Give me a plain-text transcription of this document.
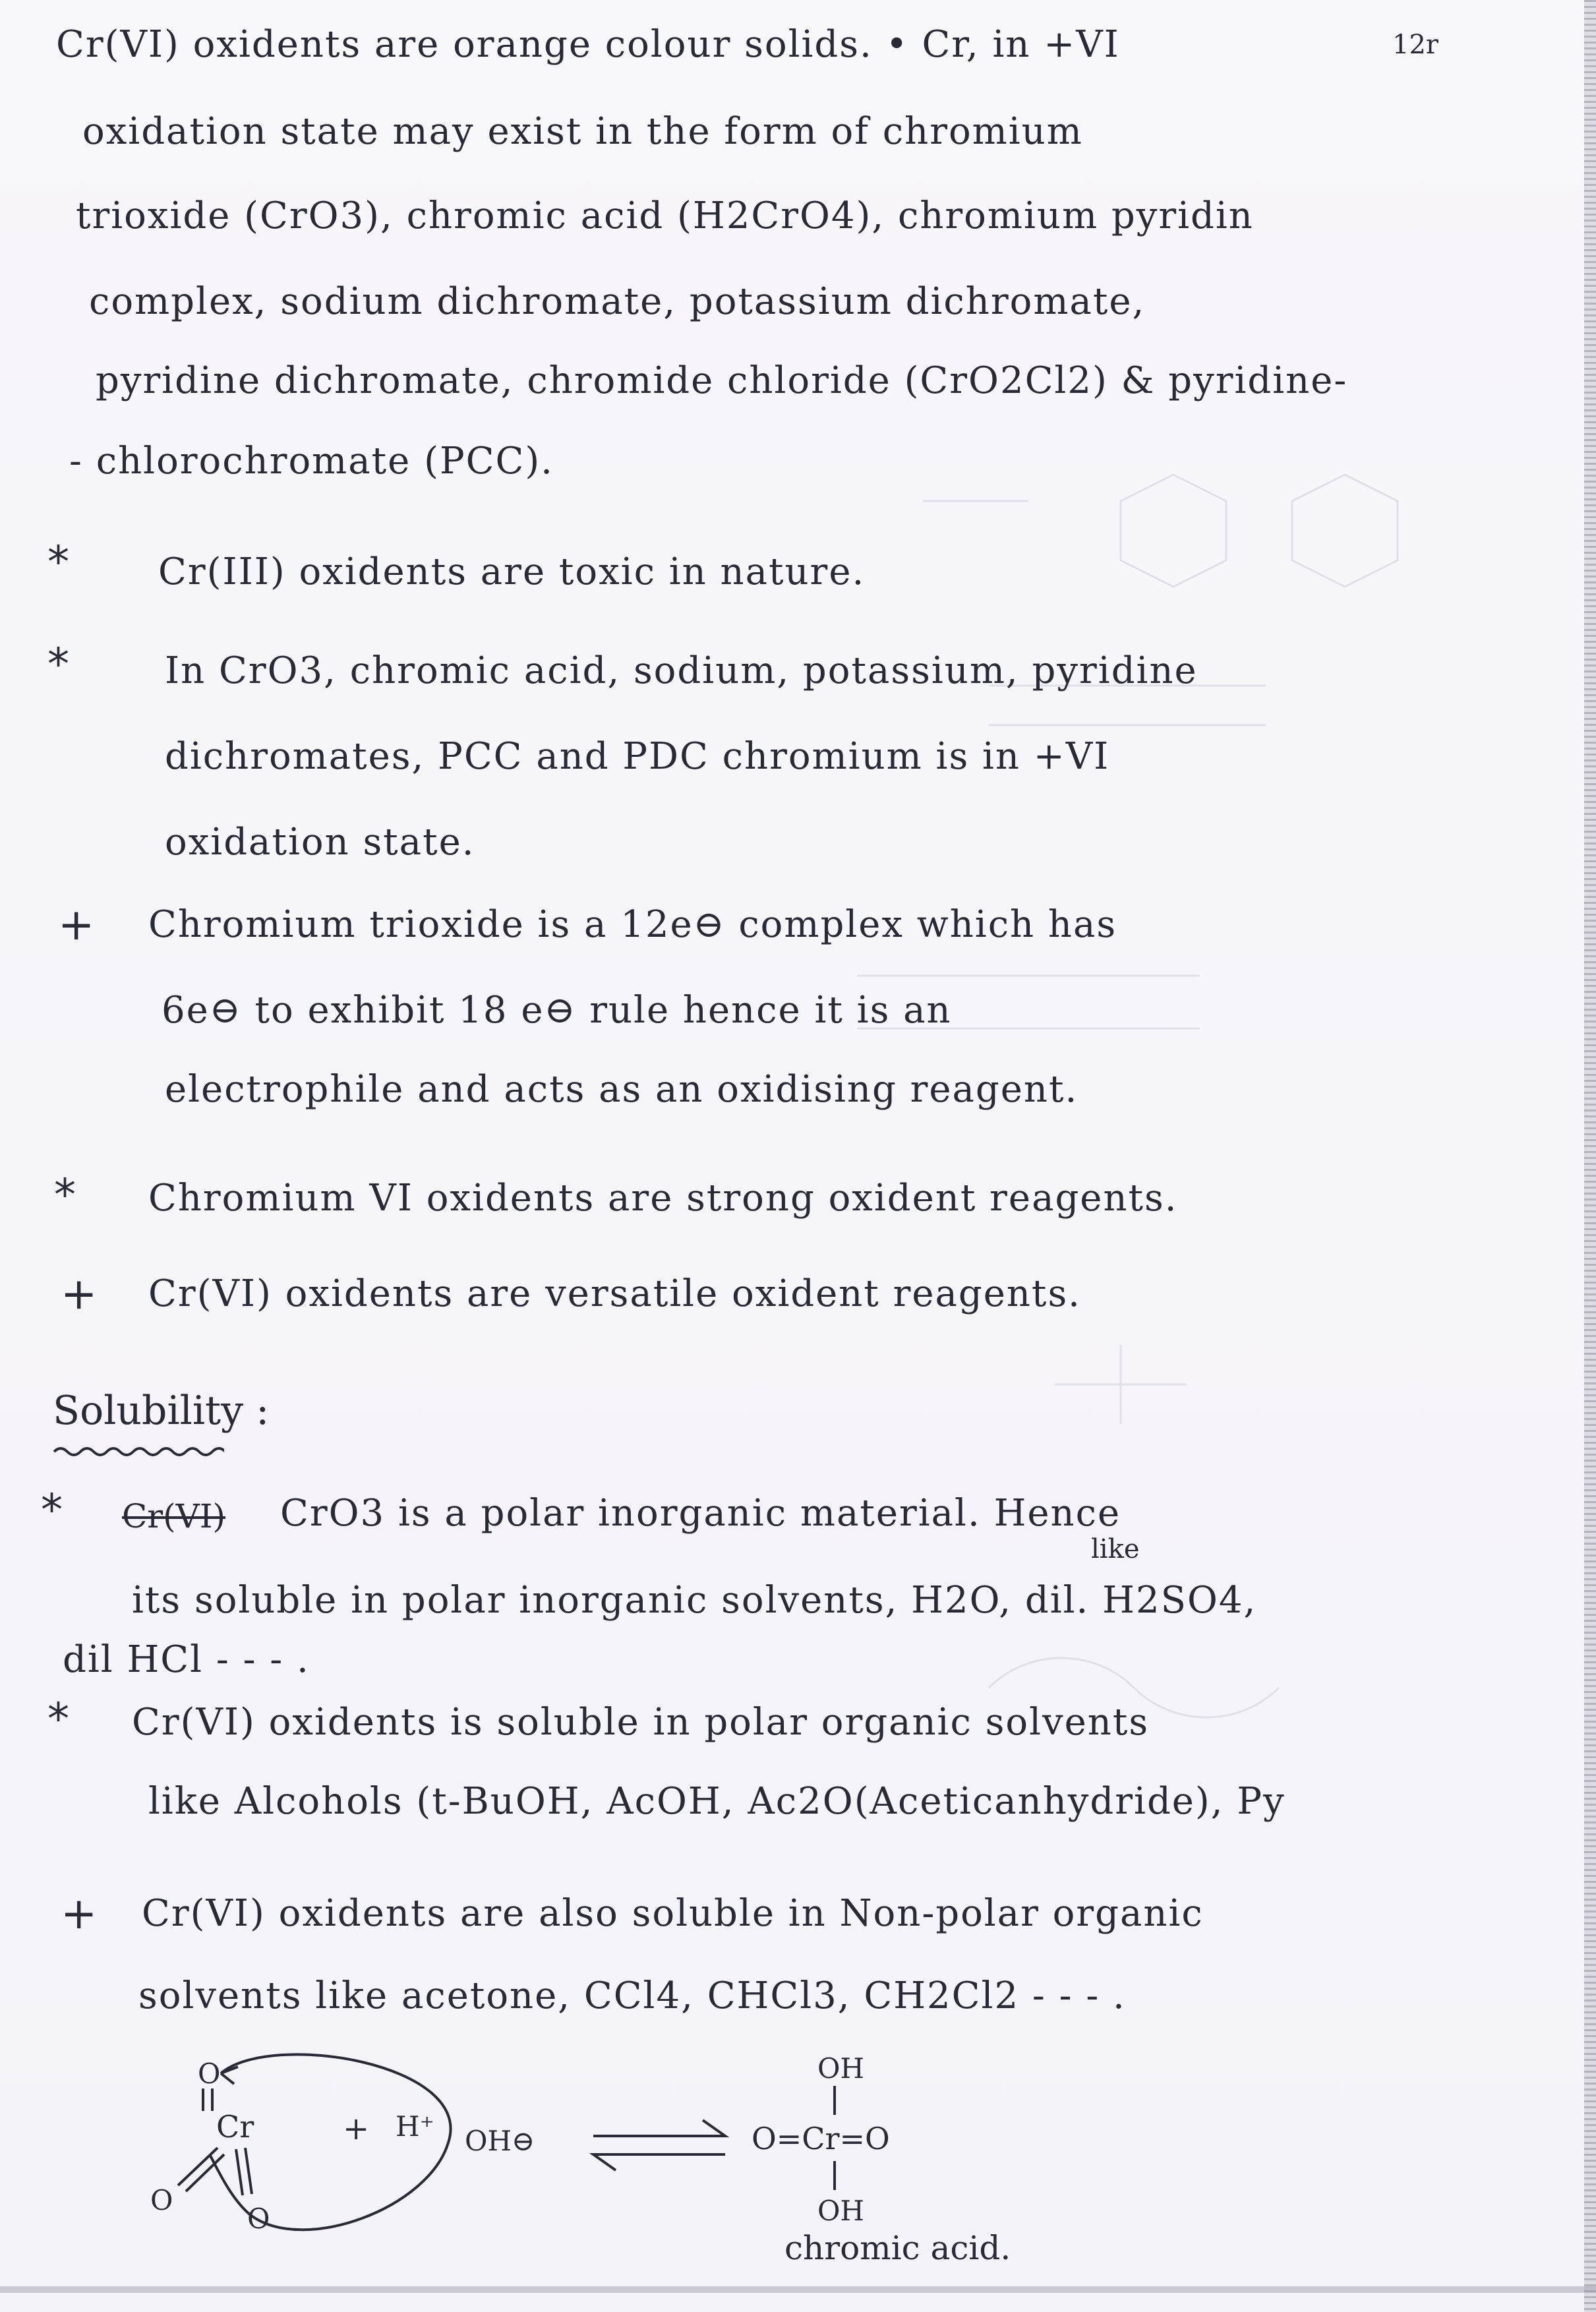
Cr(VI) oxidents are orange colour solids. • Cr, in +VI	12r
oxidation state may exist in the form of chromium
trioxide (CrO3), chromic acid (H2CrO4), chromium pyridin
complex, sodium dichromate, potassium dichromate,
pyridine dichromate, chromide chloride (CrO2Cl2) & pyridine-
- chlorochromate (PCC).
* Cr(III) oxidents are toxic in nature.
*	In CrO3, chromic acid, sodium, potassium, pyridine
dichromates, PCC and PDC chromium is in +VI
oxidation state.
+ Chromium trioxide is a 12e⊖ complex which has
6e⊖ to exhibit 18 e⊖ rule hence it is an
electrophile and acts as an oxidising reagent.
* Chromium VI oxidents are strong oxident reagents.
+ Cr(VI) oxidents are versatile oxident reagents.
Solubility :
* Cr(VI) CrO3 is a polar inorganic material. Hence
like
its soluble in polar inorganic solvents, H2O, dil. H2SO4,
dil HCl - - - .
* Cr(VI) oxidents is soluble in polar organic solvents
like Alcohols (t-BuOH, AcOH, Ac2O(Aceticanhydride), Py
+ Cr(VI) oxidents are also soluble in Non-polar organic
solvents like acetone, CCl4, CHCl3, CH2Cl2 - - - .
O
Cr
O
O
+ H⁺ OH⊖
OH
O=Cr=O
OH
chromic acid.
